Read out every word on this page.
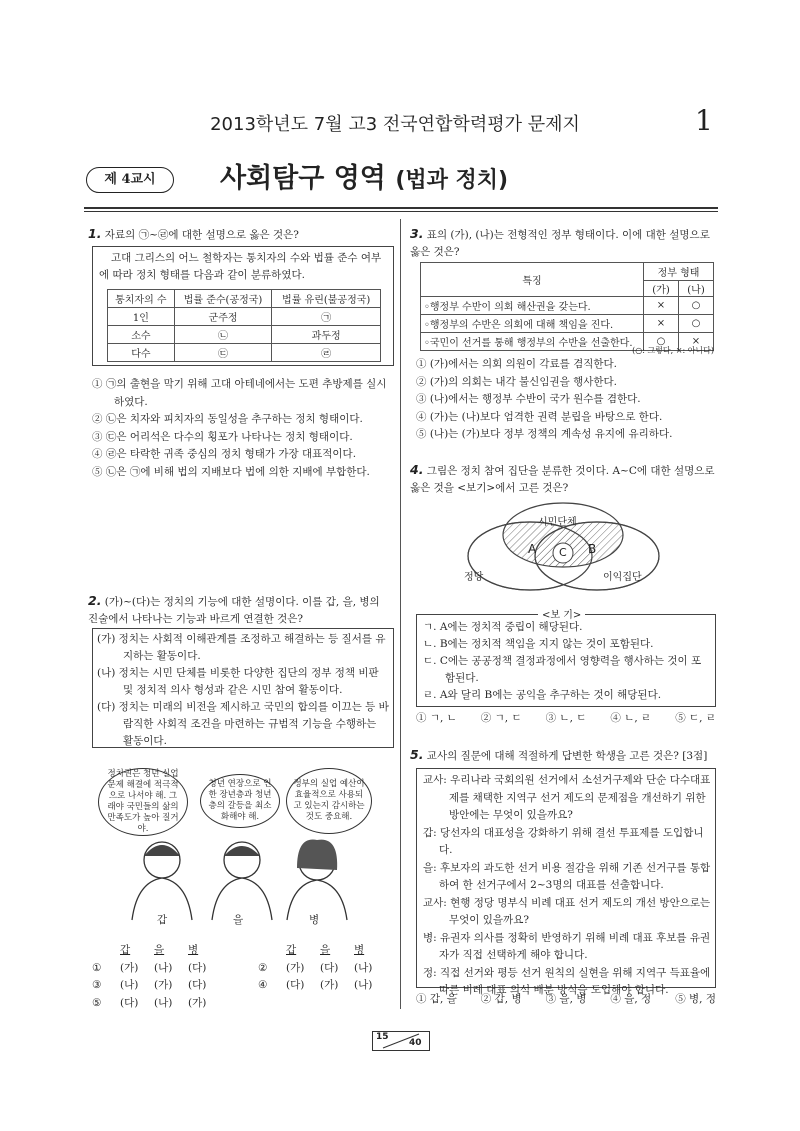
2013학년도 7월 고3 전국연합학력평가 문제지	1
제 4교시	사회탐구 영역 (법과 정치)
1. 자료의 ㉠~㉣에 대한 설명으로 옳은 것은?
고대 그리스의 어느 철학자는 통치자의 수와 법률 준수 여부에 따라 정치 형태를 다음과 같이 분류하였다.
통치자의 수	법률 준수(공정국)	법률 유린(불공정국)
1인	군주정	㉠
소수	㉡	과두정
다수	㉢	㉣
① ㉠의 출현을 막기 위해 고대 아테네에서는 도편 추방제를 실시하였다.
② ㉡은 치자와 피치자의 동일성을 추구하는 정치 형태이다.
③ ㉢은 어리석은 다수의 횡포가 나타나는 정치 형태이다.
④ ㉣은 타락한 귀족 중심의 정치 형태가 가장 대표적이다.
⑤ ㉡은 ㉠에 비해 법의 지배보다 법에 의한 지배에 부합한다.
2. (가)~(다)는 정치의 기능에 대한 설명이다. 이를 갑, 을, 병의 진술에서 나타나는 기능과 바르게 연결한 것은?
(가) 정치는 사회적 이해관계를 조정하고 해결하는 등 질서를 유지하는 활동이다.
(나) 정치는 시민 단체를 비롯한 다양한 집단의 정부 정책 비판 및 정치적 의사 형성과 같은 시민 참여 활동이다.
(다) 정치는 미래의 비전을 제시하고 국민의 합의를 이끄는 등 바람직한 사회적 조건을 마련하는 규범적 기능을 수행하는 활동이다.
정치권은 청년 실업 문제 해결에 적극적으로 나서야 해. 그래야 국민들의 삶의 만족도가 높아 질거야.
청년 연장으로 인한 장년층과 청년층의 갈등을 최소화해야 해.
정부의 실업 예산이 효율적으로 사용되고 있는지 감시하는 것도 중요해.
갑	을	병
갑	을	병	갑	을	병
①	(가)	(나)	(다)	②	(가)	(다)	(나)
③	(나)	(가)	(다)	④	(다)	(가)	(나)
⑤	(다)	(나)	(가)
3. 표의 (가), (나)는 전형적인 정부 형태이다. 이에 대한 설명으로 옳은 것은?
특징	정부 형태	
	(가)	(나)
◦행정부 수반이 의회 해산권을 갖는다.	×	○
◦행정부의 수반은 의회에 대해 책임을 진다.	×	○
◦국민이 선거를 통해 행정부의 수반을 선출한다.	○	×
(○: 그렇다, ×: 아니다)
① (가)에서는 의회 의원이 각료를 겸직한다.
② (가)의 의회는 내각 불신임권을 행사한다.
③ (나)에서는 행정부 수반이 국가 원수를 겸한다.
④ (가)는 (나)보다 엄격한 권력 분립을 바탕으로 한다.
⑤ (나)는 (가)보다 정부 정책의 계속성 유지에 유리하다.
4. 그림은 정치 참여 집단을 분류한 것이다. A~C에 대한 설명으로 옳은 것을 <보기>에서 고른 것은?
시민단체
정당	이익집단
A	B
C
ㄱ. A에는 정치적 중립이 해당된다.
ㄴ. B에는 정치적 책임을 지지 않는 것이 포함된다.
ㄷ. C에는 공공정책 결정과정에서 영향력을 행사하는 것이 포함된다.
ㄹ. A와 달리 B에는 공익을 추구하는 것이 해당된다.
<보 기>
① ㄱ, ㄴ ② ㄱ, ㄷ ③ ㄴ, ㄷ ④ ㄴ, ㄹ ⑤ ㄷ, ㄹ
5. 교사의 질문에 대해 적절하게 답변한 학생을 고른 것은? [3점]
교사: 우리나라 국회의원 선거에서 소선거구제와 단순 다수대표제를 채택한 지역구 선거 제도의 문제점을 개선하기 위한 방안에는 무엇이 있을까요?
갑: 당선자의 대표성을 강화하기 위해 결선 투표제를 도입합니다.
을: 후보자의 과도한 선거 비용 절감을 위해 기존 선거구를 통합하여 한 선거구에서 2~3명의 대표를 선출합니다.
교사: 현행 정당 명부식 비례 대표 선거 제도의 개선 방안으로는 무엇이 있을까요?
병: 유권자 의사를 정확히 반영하기 위해 비례 대표 후보를 유권자가 직접 선택하게 해야 합니다.
정: 직접 선거와 평등 선거 원칙의 실현을 위해 지역구 득표율에 따른 비례 대표 의석 배분 방식을 도입해야 합니다.
① 갑, 을 ② 갑, 병 ③ 을, 병 ④ 을, 정 ⑤ 병, 정
15
40
